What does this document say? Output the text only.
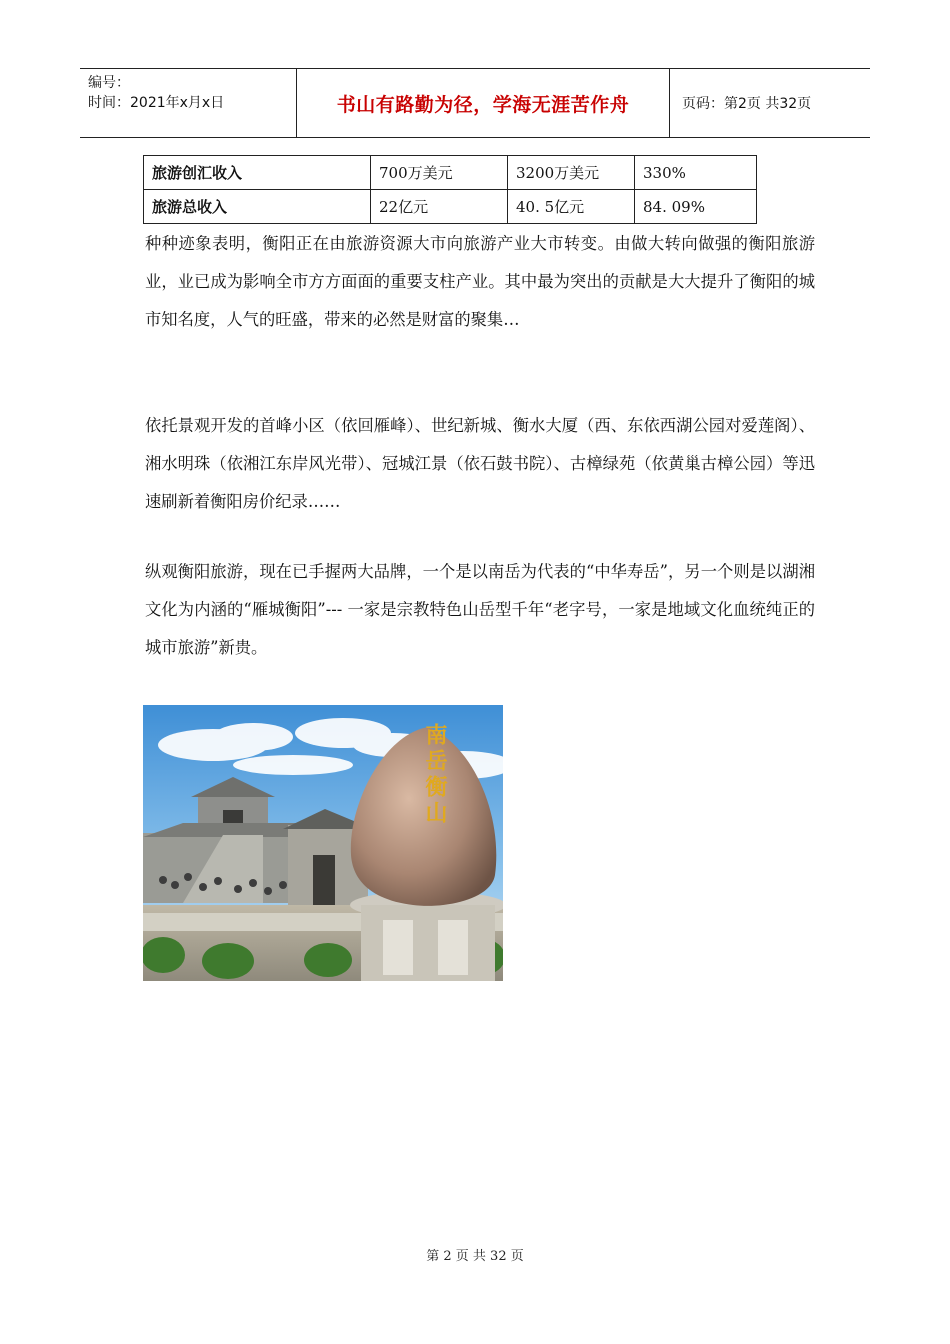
编号：
时间：2021年x月x日	书山有路勤为径，学海无涯苦作舟	页码：第2页 共32页
旅游创汇收入	700万美元	3200万美元	330%
旅游总收入	22亿元	40. 5亿元	84. 09%

种种迹象表明，衡阳正在由旅游资源大市向旅游产业大市转变。由做大转向做强的衡阳旅游业，业已成为影响全市方方面面的重要支柱产业。其中最为突出的贡献是大大提升了衡阳的城市知名度，人气的旺盛，带来的必然是财富的聚集…

依托景观开发的首峰小区（依回雁峰）、世纪新城、衡水大厦（西、东依西湖公园对爱莲阁）、湘水明珠（依湘江东岸风光带）、冠城江景（依石鼓书院）、古樟绿苑（依黄巢古樟公园）等迅速刷新着衡阳房价纪录……

纵观衡阳旅游，现在已手握两大品牌，一个是以南岳为代表的“中华寿岳”，另一个则是以湖湘文化为内涵的“雁城衡阳”--- 一家是宗教特色山岳型千年“老字号，一家是地域文化血统纯正的城市旅游”新贵。

南岳衡山
第 2 页 共 32 页
